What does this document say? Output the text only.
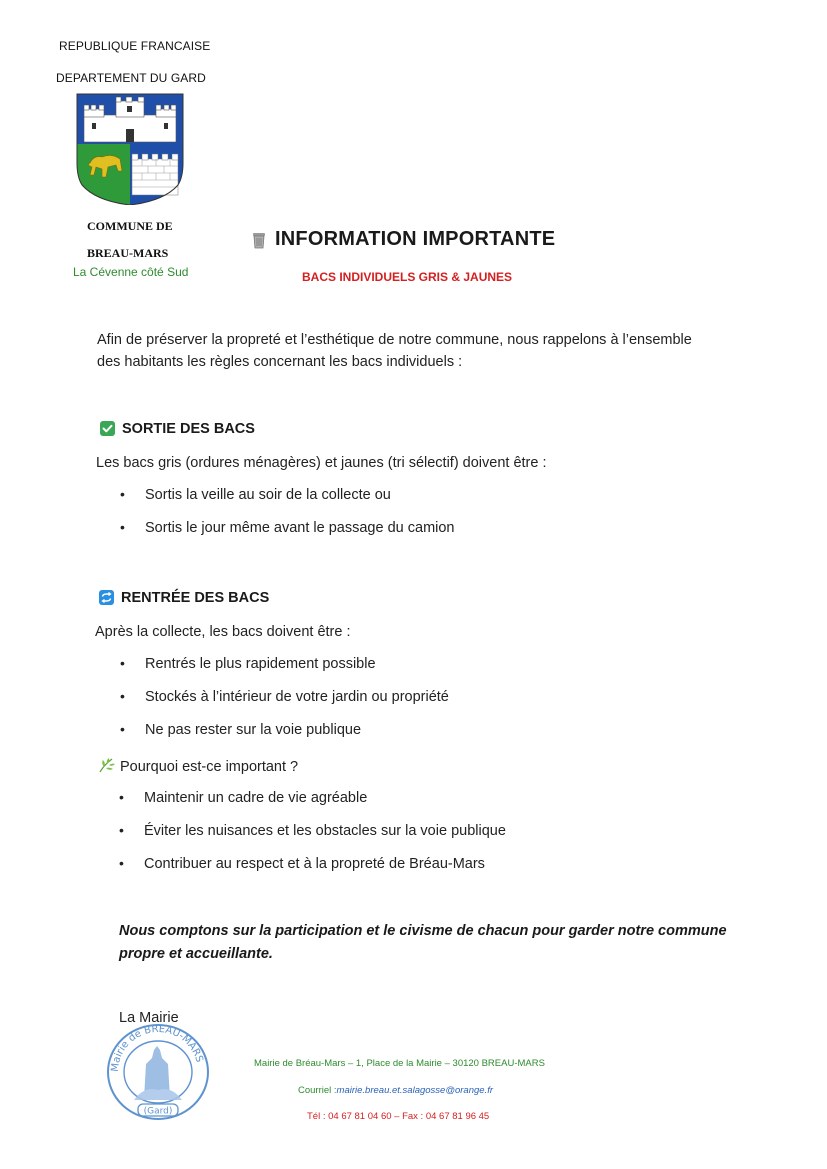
REPUBLIQUE FRANCAISE
DEPARTEMENT DU GARD
COMMUNE DE
BREAU-MARS
La Cévenne côté Sud
INFORMATION IMPORTANTE
BACS INDIVIDUELS GRIS & JAUNES
Afin de préserver la propreté et l’esthétique de notre commune, nous rappelons à l’ensemble
des habitants les règles concernant les bacs individuels :
SORTIE DES BACS
Les bacs gris (ordures ménagères) et jaunes (tri sélectif) doivent être :
• Sortis la veille au soir de la collecte ou
• Sortis le jour même avant le passage du camion
RENTRÉE DES BACS
Après la collecte, les bacs doivent être :
• Rentrés le plus rapidement possible
• Stockés à l’intérieur de votre jardin ou propriété
• Ne pas rester sur la voie publique
Pourquoi est-ce important ?
• Maintenir un cadre de vie agréable
• Éviter les nuisances et les obstacles sur la voie publique
• Contribuer au respect et à la propreté de Bréau-Mars
Nous comptons sur la participation et le civisme de chacun pour garder notre commune
propre et accueillante.
La Mairie
Mairie de BREAU-MARS
(Gard)
Mairie de Bréau-Mars – 1, Place de la Mairie – 30120 BREAU-MARS
Courriel :mairie.breau.et.salagosse@orange.fr
Tél : 04 67 81 04 60 – Fax : 04 67 81 96 45
